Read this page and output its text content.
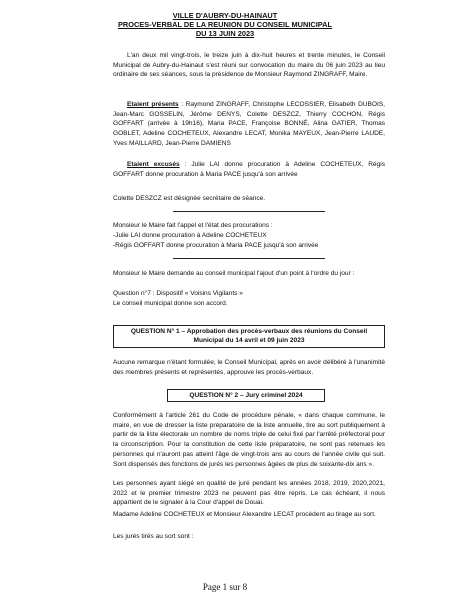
VILLE D'AUBRY-DU-HAINAUT
PROCES-VERBAL DE LA REUNION DU CONSEIL MUNICIPAL
DU 13 JUIN 2023

L'an deux mil vingt-trois, le treize juin à dix-huit heures et trente minutes, le Conseil Municipal de Aubry-du-Hainaut s'est réuni sur convocation du maire du 06 juin 2023 au lieu ordinaire de ses séances, sous la présidence de Monsieur Raymond ZINGRAFF, Maire.

Etaient présents : Raymond ZINGRAFF, Christophe LECOSSIER, Elisabeth DUBOIS, Jean-Marc GOSSELIN, Jérôme DENYS, Colette DESZCZ, Thierry COCHON, Régis GOFFART (arrivée à 19h16), Maria PACE, Françoise BONNÉ, Alina GATIER, Thomas GOBLET, Adeline COCHETEUX, Alexandre LECAT, Monika MAYEUX, Jean-Pierre LAUDE, Yves MAILLARD, Jean-Pierre DAMIENS

Etaient excusés : Julie LAI donne procuration à Adeline COCHETEUX, Régis GOFFART donne procuration à Maria PACE jusqu'à son arrivée

Colette DESZCZ est désignée secrétaire de séance.

Monsieur le Maire fait l'appel et l'état des procurations :

-Julie LAI donne procuration à Adeline COCHETEUX

-Régis GOFFART donne procuration à Maria PACE jusqu'à son arrivée

Monsieur le Maire demande au conseil municipal l'ajout d'un point à l'ordre du jour :

Question n°7 : Dispositif « Voisins Vigilants »

Le conseil municipal donne son accord.

QUESTION N° 1 – Approbation des procès-verbaux des réunions du Conseil
Municipal du 14 avril et 09 juin 2023

Aucune remarque n'étant formulée, le Conseil Municipal, après en avoir délibéré à l'unanimité des membres présents et représentés, approuve les procès-verbaux.

QUESTION N° 2 – Jury criminel 2024

Conformément à l'article 261 du Code de procédure pénale, « dans chaque commune, le maire, en vue de dresser la liste préparatoire de la liste annuelle, tire au sort publiquement à partir de la liste électorale un nombre de noms triple de celui fixé par l'arrêté préfectoral pour la circonscription. Pour la constitution de cette liste préparatoire, ne sont pas retenues les personnes qui n'auront pas atteint l'âge de vingt-trois ans au cours de l'année civile qui suit. Sont dispensés des fonctions de jurés les personnes âgées de plus de soixante-dix ans ».

Les personnes ayant siégé en qualité de juré pendant les années 2018, 2019, 2020,2021, 2022 et le premier trimestre 2023 ne peuvent pas être repris. Le cas échéant, il nous appartient de le signaler à la Cour d'appel de Douai.

Madame Adeline COCHETEUX et Monsieur Alexandre LECAT procèdent au tirage au sort.

Les jurés tirés au sort sont :

Page 1 sur 8
